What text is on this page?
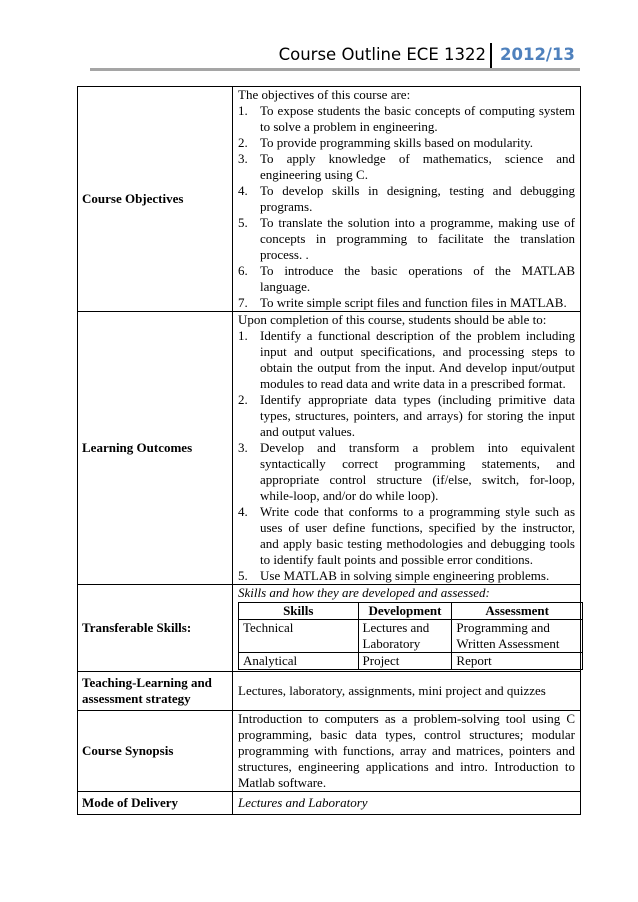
Course Outline ECE 1322 2012/13
Course Objectives	
The objectives of this course are:
1. To expose students the basic concepts of computing system to solve a problem in engineering.
2. To provide programming skills based on modularity.
3. To apply knowledge of mathematics, science and engineering using C.
4. To develop skills in designing, testing and debugging programs.
5. To translate the solution into a programme, making use of concepts in programming to facilitate the translation process. .
6. To introduce the basic operations of the MATLAB language.
7. To write simple script files and function files in MATLAB.

Learning Outcomes	
Upon completion of this course, students should be able to:
1. Identify a functional description of the problem including input and output specifications, and processing steps to obtain the output from the input. And develop input/output modules to read data and write data in a prescribed format.
2. Identify appropriate data types (including primitive data types, structures, pointers, and arrays) for storing the input and output values.
3. Develop and transform a problem into equivalent syntactically correct programming statements, and appropriate control structure (if/else, switch, for-loop, while-loop, and/or do while loop).
4. Write code that conforms to a programming style such as uses of user define functions, specified by the instructor, and apply basic testing methodologies and debugging tools to identify fault points and possible error conditions.
5. Use MATLAB in solving simple engineering problems.

Transferable Skills:	
Skills and how they are developed and assessed:
Skills	Development	Assessment
Technical	Lectures and Laboratory	Programming and Written Assessment
Analytical	Project	Report

Teaching-Learning and assessment strategy	Lectures, laboratory, assignments, mini project and quizzes
Course Synopsis	Introduction to computers as a problem-solving tool using C programming, basic data types, control structures; modular programming with functions, array and matrices, pointers and structures, engineering applications and intro. Introduction to Matlab software.
Mode of Delivery	Lectures and Laboratory
